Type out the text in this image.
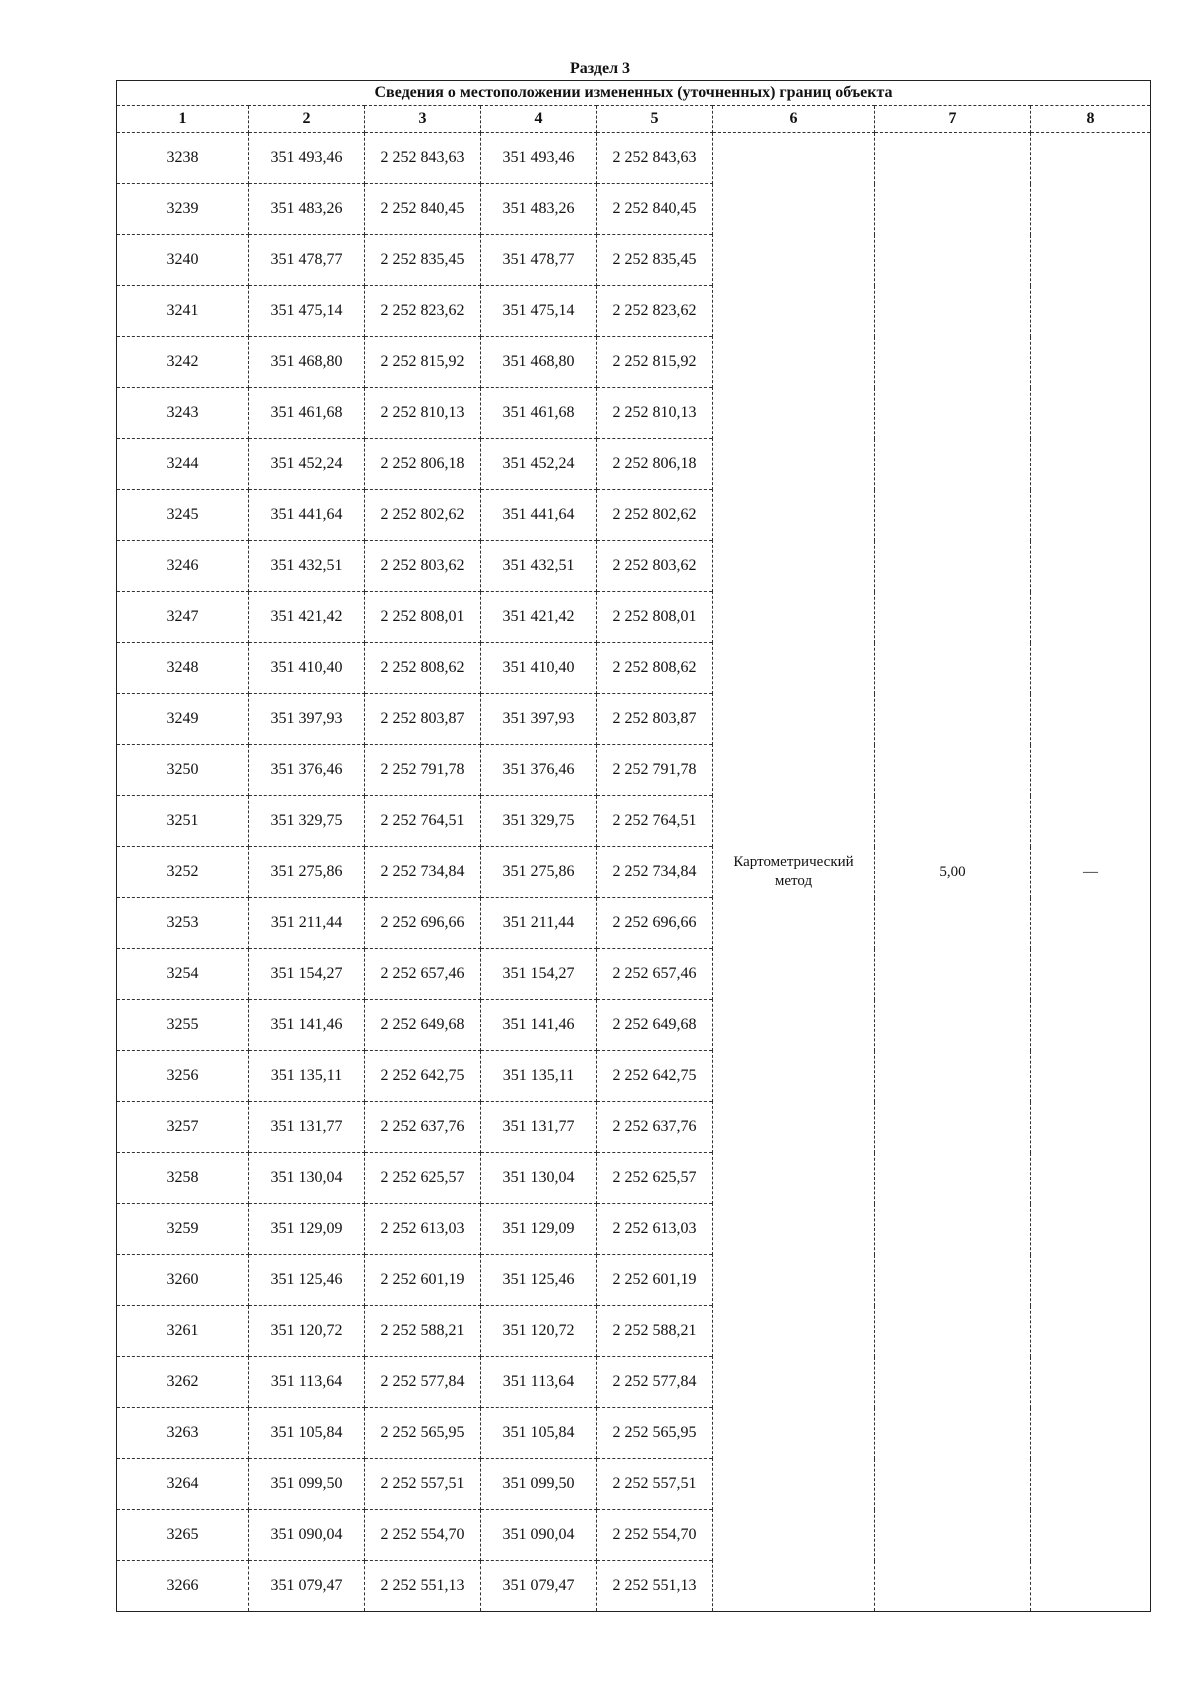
Раздел 3
Сведения о местоположении измененных (уточненных) границ объекта							
1	2	3	4	5	6	7	8
3238	351 493,46	2 252 843,63	351 493,46	2 252 843,63	Картометрический метод	5,00	—
3239	351 483,26	2 252 840,45	351 483,26	2 252 840,45			
3240	351 478,77	2 252 835,45	351 478,77	2 252 835,45			
3241	351 475,14	2 252 823,62	351 475,14	2 252 823,62			
3242	351 468,80	2 252 815,92	351 468,80	2 252 815,92			
3243	351 461,68	2 252 810,13	351 461,68	2 252 810,13			
3244	351 452,24	2 252 806,18	351 452,24	2 252 806,18			
3245	351 441,64	2 252 802,62	351 441,64	2 252 802,62			
3246	351 432,51	2 252 803,62	351 432,51	2 252 803,62			
3247	351 421,42	2 252 808,01	351 421,42	2 252 808,01			
3248	351 410,40	2 252 808,62	351 410,40	2 252 808,62			
3249	351 397,93	2 252 803,87	351 397,93	2 252 803,87			
3250	351 376,46	2 252 791,78	351 376,46	2 252 791,78			
3251	351 329,75	2 252 764,51	351 329,75	2 252 764,51			
3252	351 275,86	2 252 734,84	351 275,86	2 252 734,84			
3253	351 211,44	2 252 696,66	351 211,44	2 252 696,66			
3254	351 154,27	2 252 657,46	351 154,27	2 252 657,46			
3255	351 141,46	2 252 649,68	351 141,46	2 252 649,68			
3256	351 135,11	2 252 642,75	351 135,11	2 252 642,75			
3257	351 131,77	2 252 637,76	351 131,77	2 252 637,76			
3258	351 130,04	2 252 625,57	351 130,04	2 252 625,57			
3259	351 129,09	2 252 613,03	351 129,09	2 252 613,03			
3260	351 125,46	2 252 601,19	351 125,46	2 252 601,19			
3261	351 120,72	2 252 588,21	351 120,72	2 252 588,21			
3262	351 113,64	2 252 577,84	351 113,64	2 252 577,84			
3263	351 105,84	2 252 565,95	351 105,84	2 252 565,95			
3264	351 099,50	2 252 557,51	351 099,50	2 252 557,51			
3265	351 090,04	2 252 554,70	351 090,04	2 252 554,70			
3266	351 079,47	2 252 551,13	351 079,47	2 252 551,13			
